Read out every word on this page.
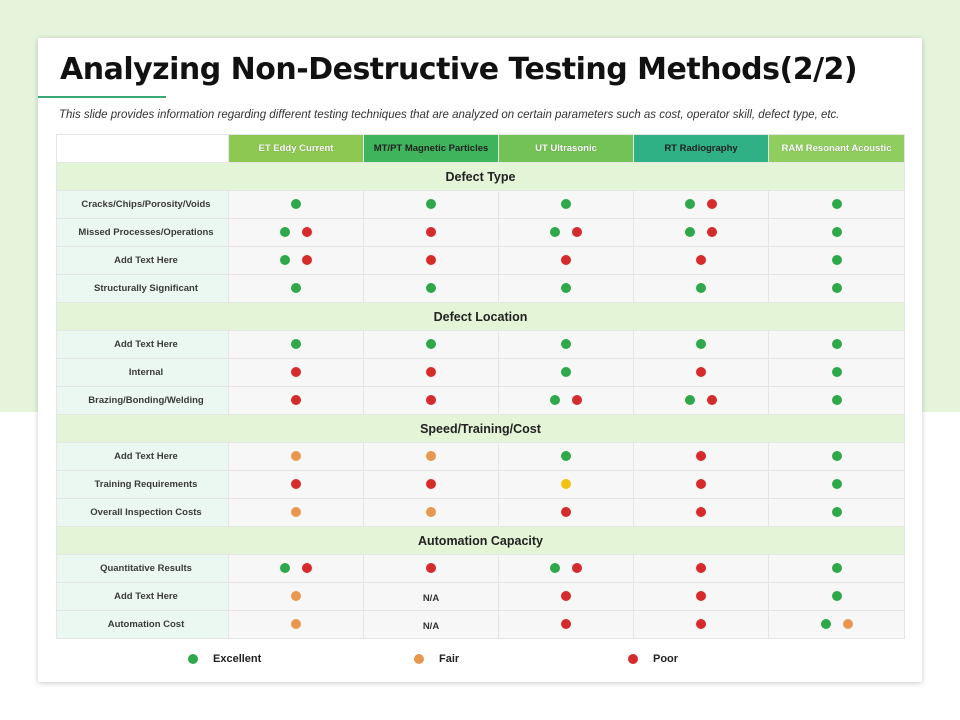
Analyzing Non-Destructive Testing Methods(2/2)

This slide provides information regarding different testing techniques that are analyzed on certain parameters such as cost, operator skill, defect type, etc.

	ET Eddy Current	MT/PT Magnetic Particles	UT Ultrasonic	RT Radiography	RAM Resonant Acoustic
Defect Type					
Cracks/Chips/Porosity/Voids					
Missed Processes/Operations					
Add Text Here					
Structurally Significant					
Defect Location					
Add Text Here					
Internal					
Brazing/Bonding/Welding					
Speed/Training/Cost					
Add Text Here					
Training Requirements					
Overall Inspection Costs					
Automation Capacity					
Quantitative Results					
Add Text Here		N/A			
Automation Cost		N/A			
Excellent	Fair	Poor
